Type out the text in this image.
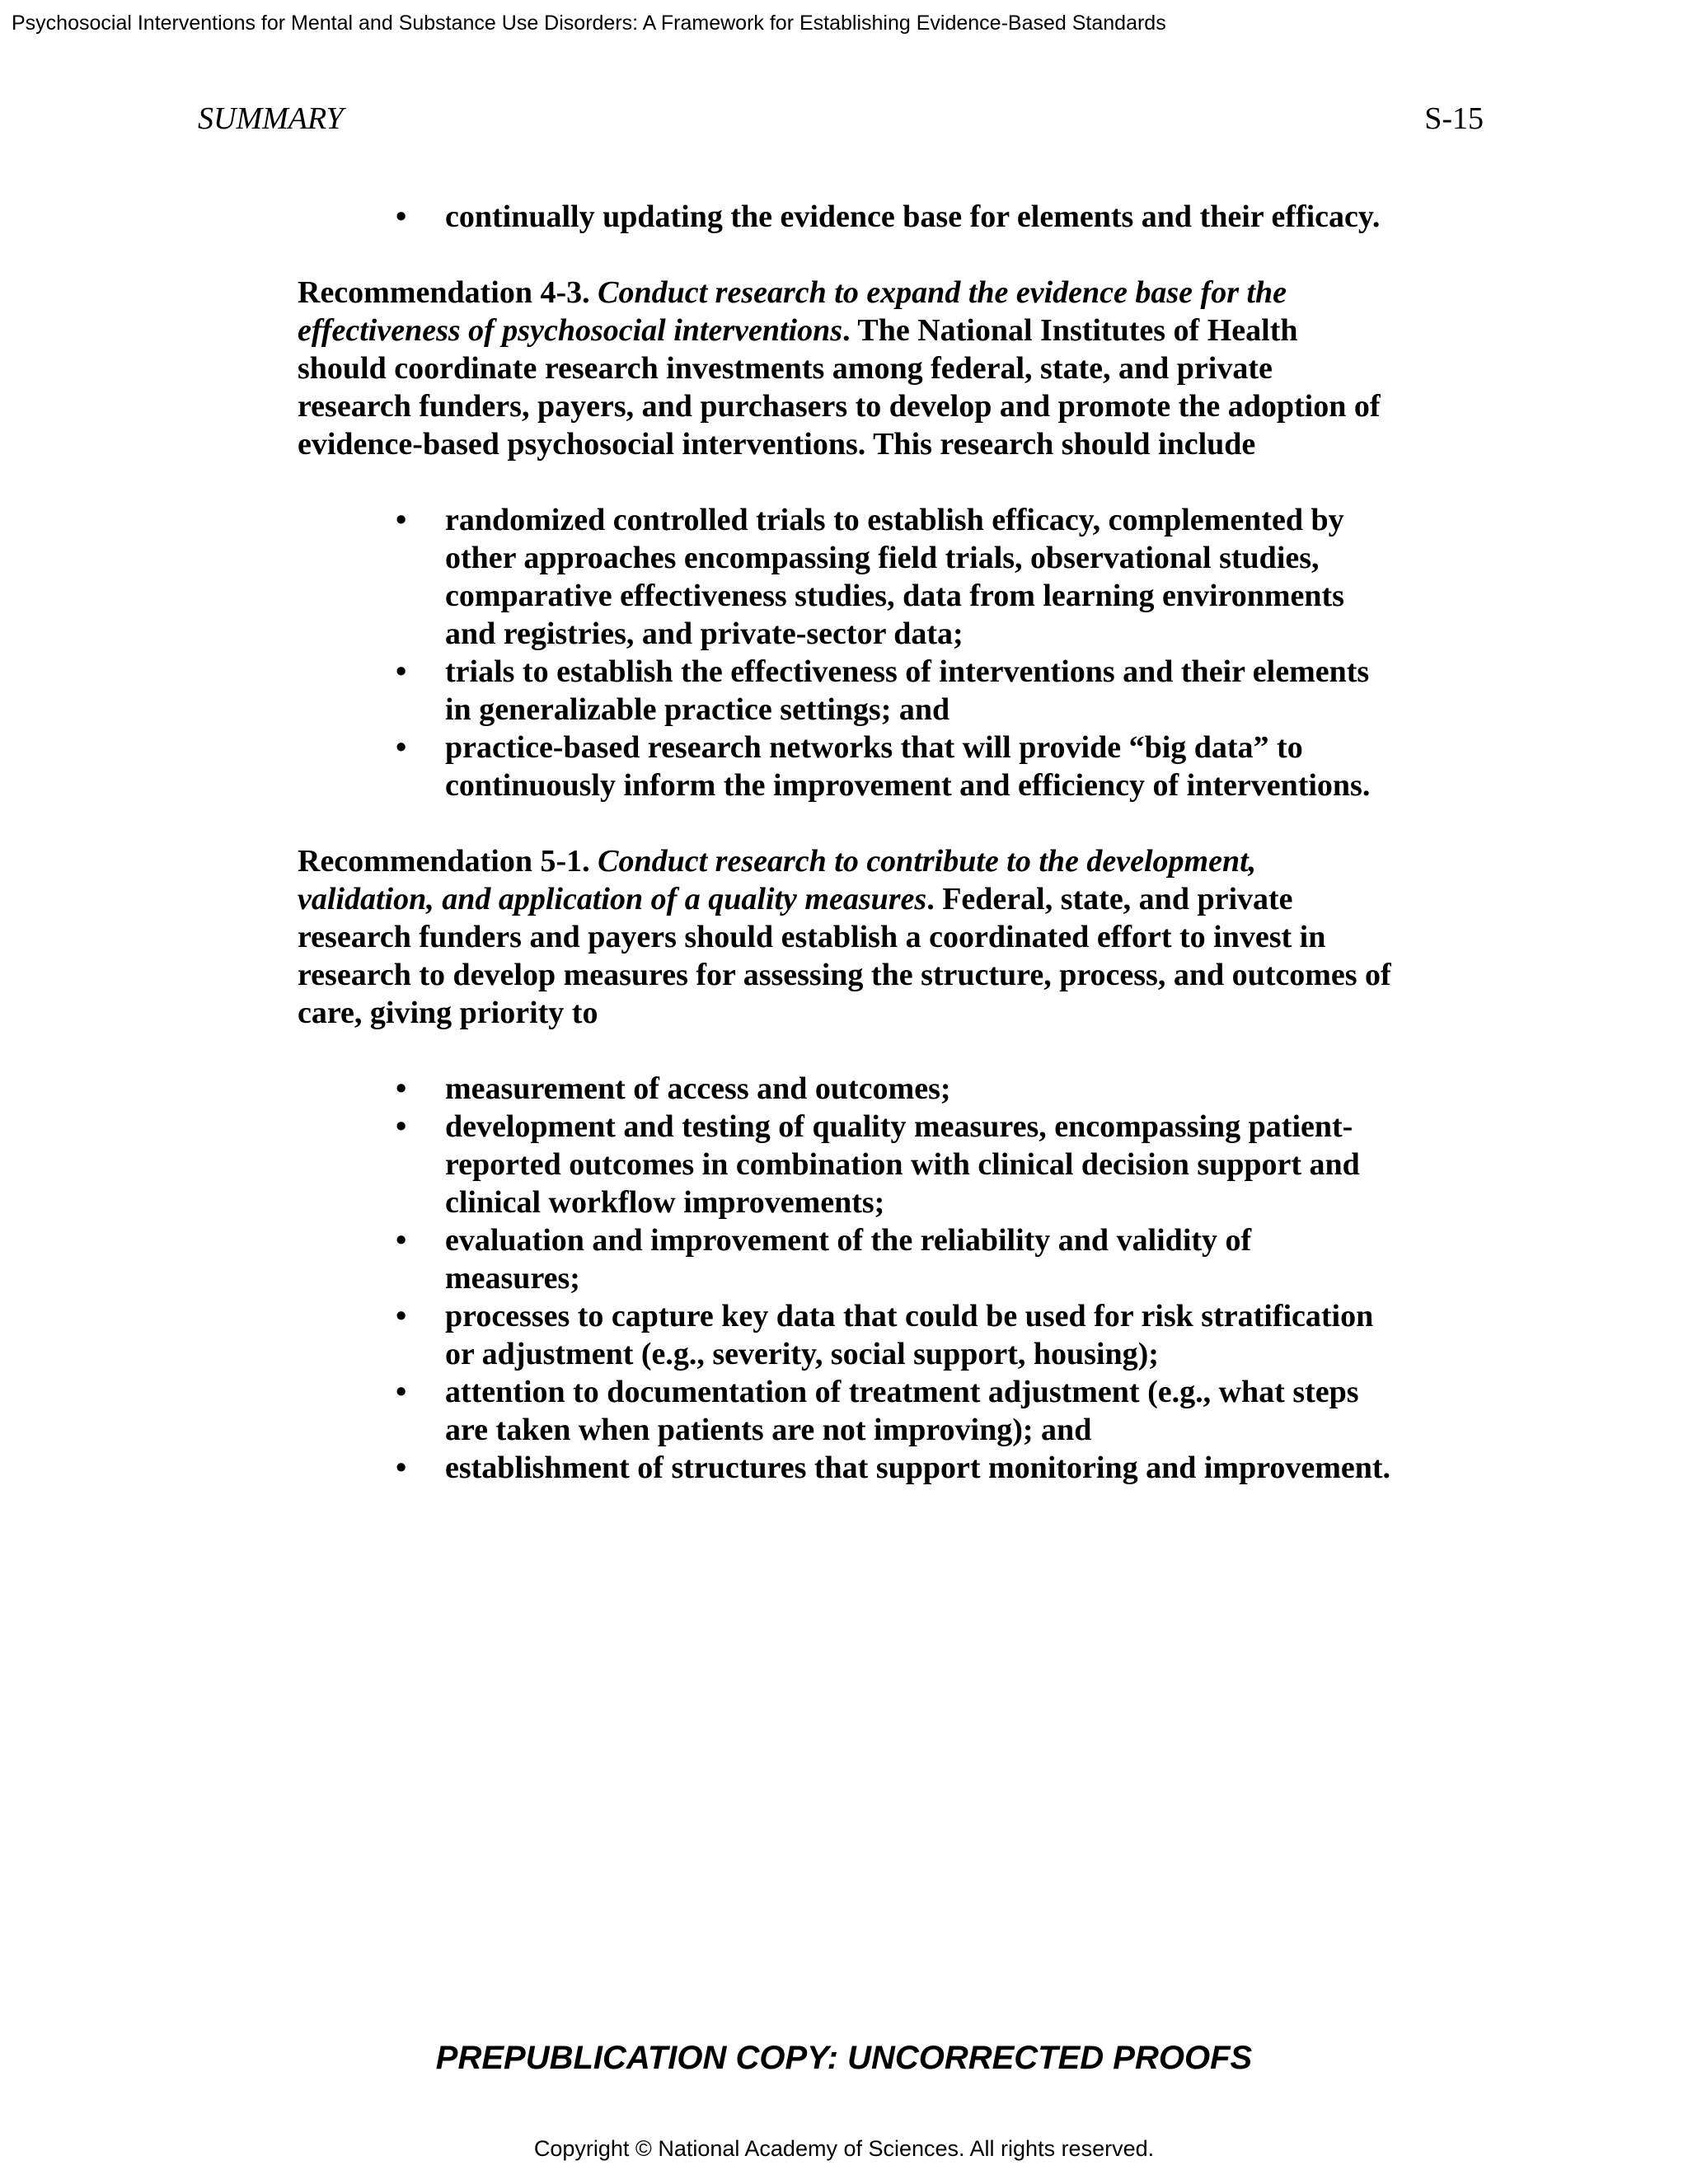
Psychosocial Interventions for Mental and Substance Use Disorders: A Framework for Establishing Evidence-Based Standards
SUMMARY	S-15
• continually updating the evidence base for elements and their efficacy.

Recommendation 4-3. Conduct research to expand the evidence base for the effectiveness of psychosocial interventions. The National Institutes of Health should coordinate research investments among federal, state, and private research funders, payers, and purchasers to develop and promote the adoption of evidence-based psychosocial interventions. This research should include

• randomized controlled trials to establish efficacy, complemented by other approaches encompassing field trials, observational studies, comparative effectiveness studies, data from learning environments and registries, and private-sector data;
• trials to establish the effectiveness of interventions and their elements in generalizable practice settings; and
• practice-based research networks that will provide “big data” to continuously inform the improvement and efficiency of interventions.

Recommendation 5-1. Conduct research to contribute to the development, validation, and application of a quality measures. Federal, state, and private research funders and payers should establish a coordinated effort to invest in research to develop measures for assessing the structure, process, and outcomes of care, giving priority to

• measurement of access and outcomes;
• development and testing of quality measures, encompassing patient-reported outcomes in combination with clinical decision support and clinical workflow improvements;
• evaluation and improvement of the reliability and validity of measures;
• processes to capture key data that could be used for risk stratification or adjustment (e.g., severity, social support, housing);
• attention to documentation of treatment adjustment (e.g., what steps are taken when patients are not improving); and
• establishment of structures that support monitoring and improvement.
PREPUBLICATION COPY: UNCORRECTED PROOFS
Copyright © National Academy of Sciences. All rights reserved.
